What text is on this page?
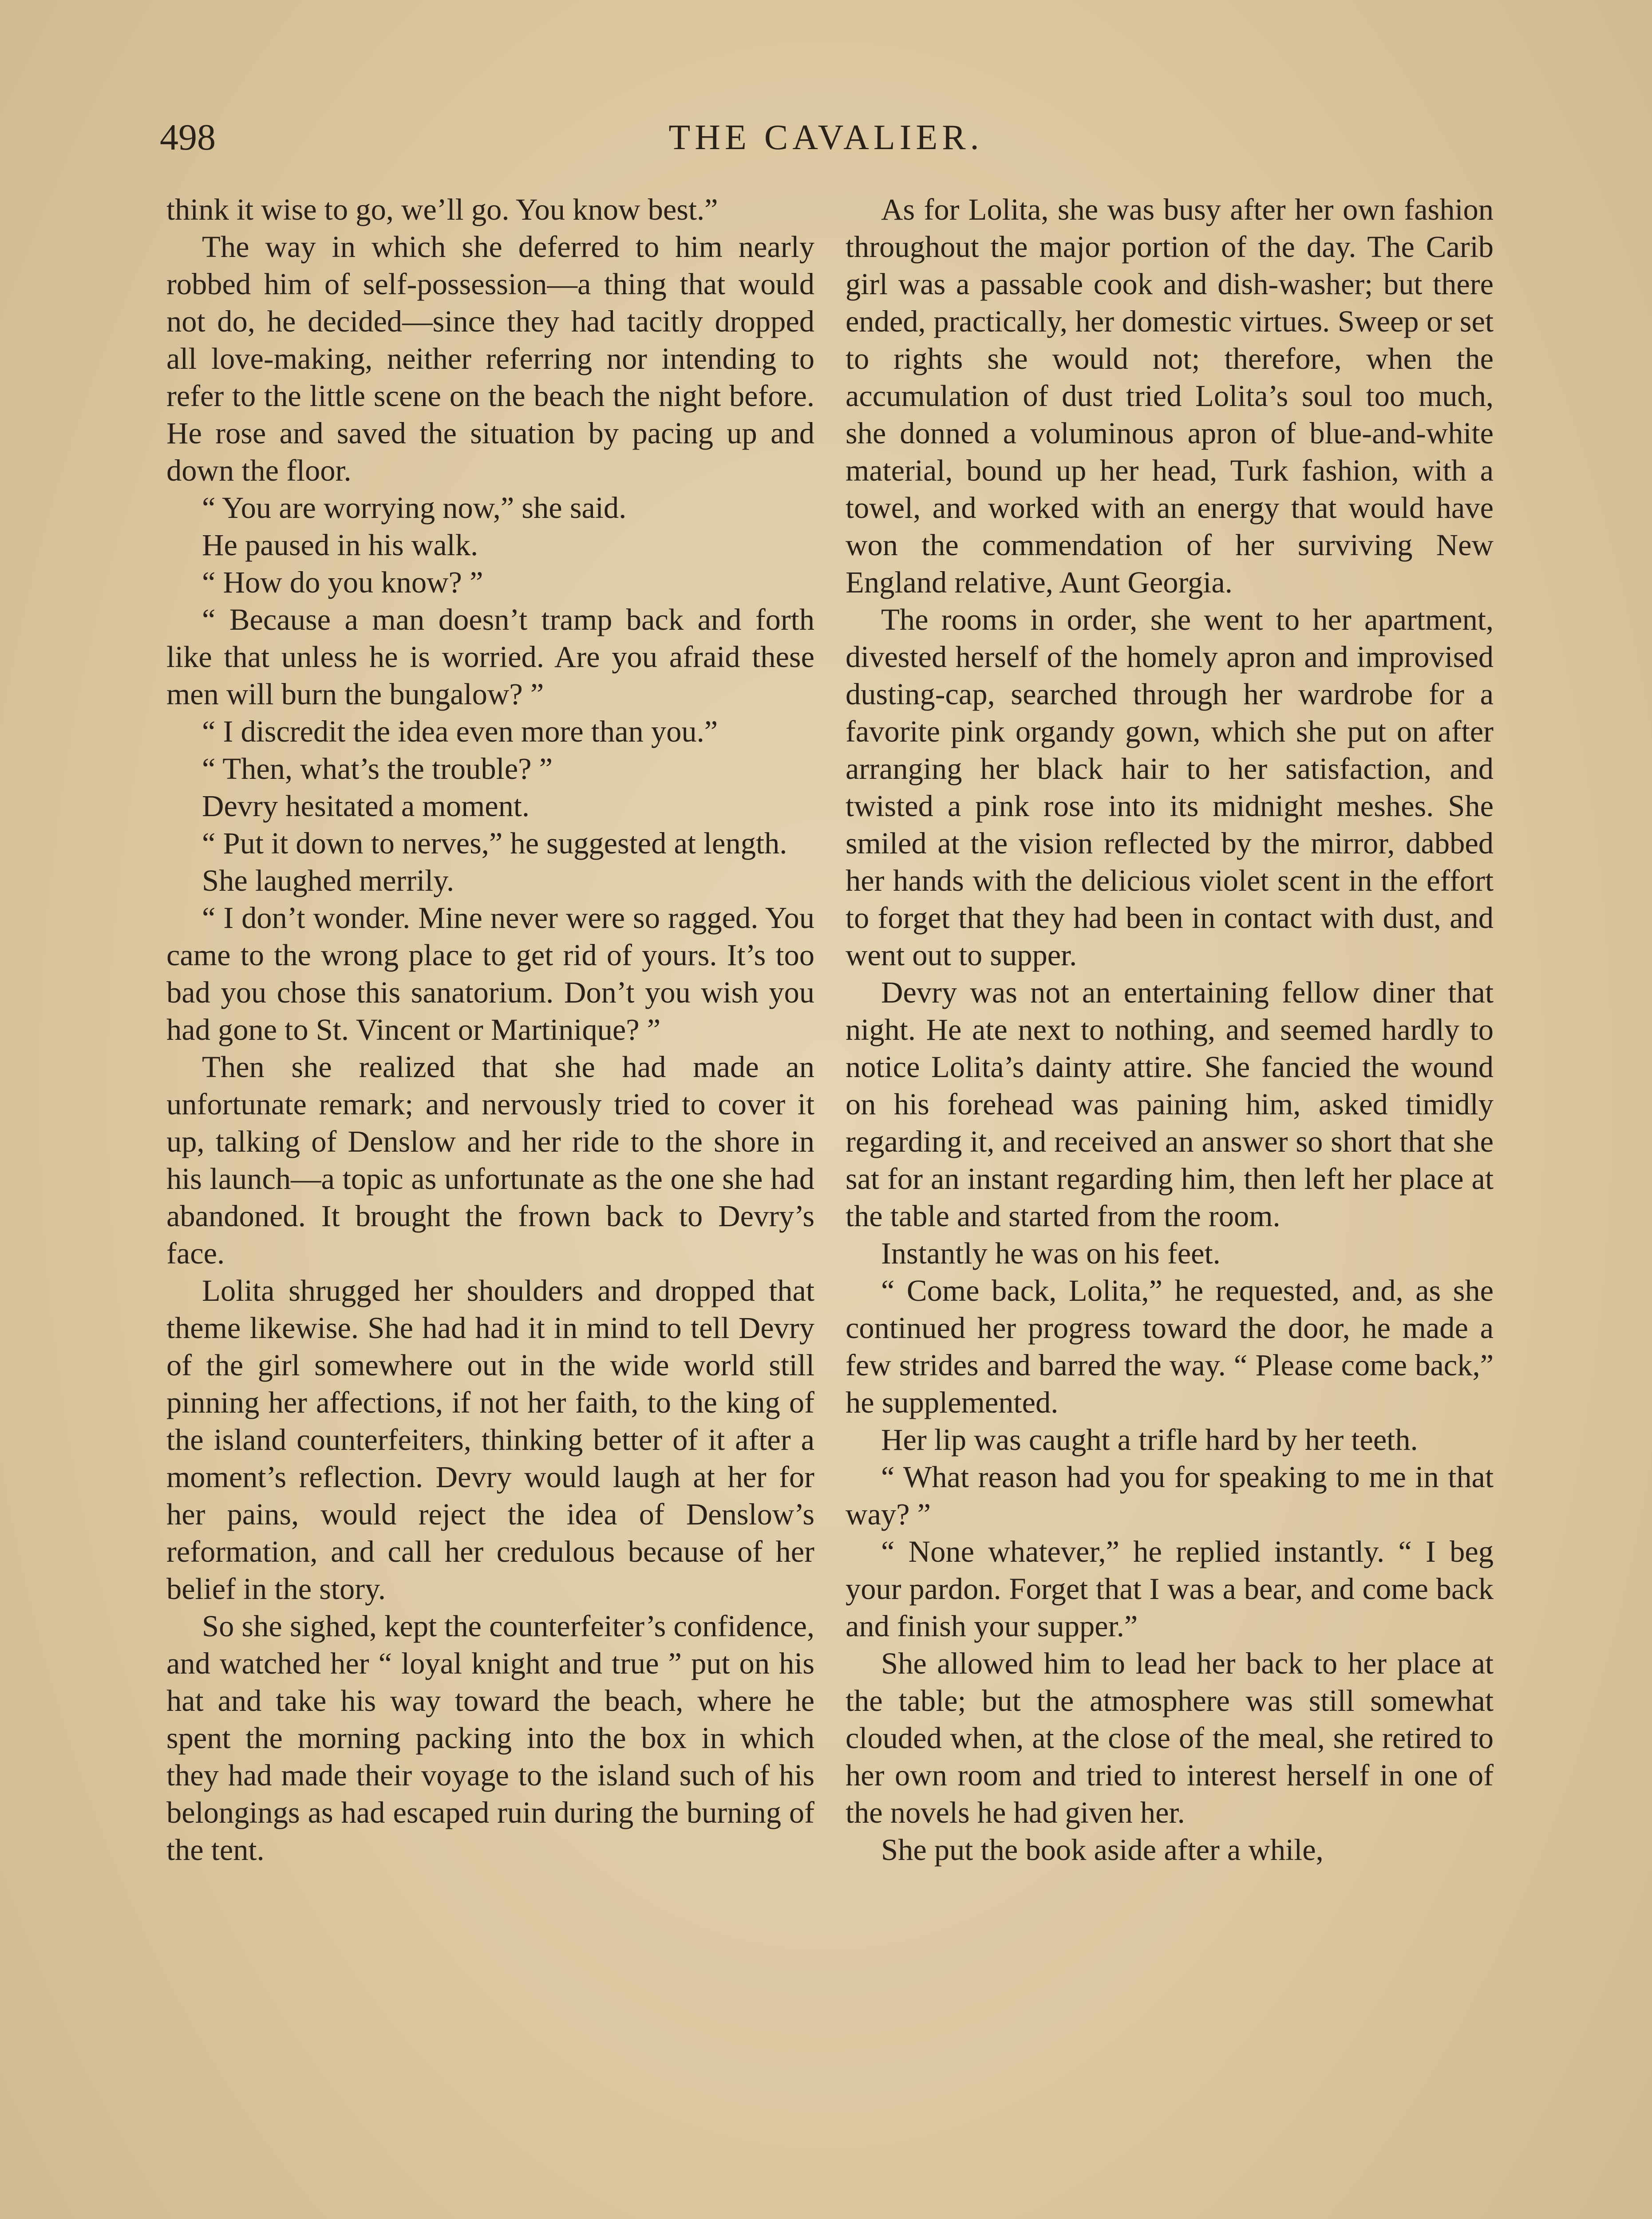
498	THE CAVALIER.

think it wise to go, we’ll go. You know best.”

The way in which she deferred to him nearly robbed him of self-possession—a thing that would not do, he decided—since they had tacitly dropped all love-making, neither referring nor intending to refer to the little scene on the beach the night before. He rose and saved the situation by pacing up and down the floor.

“ You are worrying now,” she said.

He paused in his walk.

“ How do you know? ”

“ Because a man doesn’t tramp back and forth like that unless he is worried. Are you afraid these men will burn the bungalow? ”

“ I discredit the idea even more than you.”

“ Then, what’s the trouble? ”

Devry hesitated a moment.

“ Put it down to nerves,” he suggested at length.

She laughed merrily.

“ I don’t wonder. Mine never were so ragged. You came to the wrong place to get rid of yours. It’s too bad you chose this sanatorium. Don’t you wish you had gone to St. Vincent or Martinique? ”

Then she realized that she had made an unfortunate remark; and nervously tried to cover it up, talking of Denslow and her ride to the shore in his launch—a topic as unfortunate as the one she had abandoned. It brought the frown back to Devry’s face.

Lolita shrugged her shoulders and dropped that theme likewise. She had had it in mind to tell Devry of the girl somewhere out in the wide world still pinning her affections, if not her faith, to the king of the island counterfeiters, thinking better of it after a moment’s reflection. Devry would laugh at her for her pains, would reject the idea of Denslow’s reformation, and call her credulous because of her belief in the story.

So she sighed, kept the counterfeiter’s confidence, and watched her “ loyal knight and true ” put on his hat and take his way toward the beach, where he spent the morning packing into the box in which they had made their voyage to the island such of his belongings as had escaped ruin during the burning of the tent.

As for Lolita, she was busy after her own fashion throughout the major portion of the day. The Carib girl was a passable cook and dish-washer; but there ended, practically, her domestic virtues. Sweep or set to rights she would not; therefore, when the accumulation of dust tried Lolita’s soul too much, she donned a voluminous apron of blue-and-white material, bound up her head, Turk fashion, with a towel, and worked with an energy that would have won the commendation of her surviving New England relative, Aunt Georgia.

The rooms in order, she went to her apartment, divested herself of the homely apron and improvised dusting-cap, searched through her wardrobe for a favorite pink organdy gown, which she put on after arranging her black hair to her satisfaction, and twisted a pink rose into its midnight meshes. She smiled at the vision reflected by the mirror, dabbed her hands with the delicious violet scent in the effort to forget that they had been in contact with dust, and went out to supper.

Devry was not an entertaining fellow diner that night. He ate next to nothing, and seemed hardly to notice Lolita’s dainty attire. She fancied the wound on his forehead was paining him, asked timidly regarding it, and received an answer so short that she sat for an instant regarding him, then left her place at the table and started from the room.

Instantly he was on his feet.

“ Come back, Lolita,” he requested, and, as she continued her progress toward the door, he made a few strides and barred the way. “ Please come back,” he supplemented.

Her lip was caught a trifle hard by her teeth.

“ What reason had you for speaking to me in that way? ”

“ None whatever,” he replied instantly. “ I beg your pardon. Forget that I was a bear, and come back and finish your supper.”

She allowed him to lead her back to her place at the table; but the atmosphere was still somewhat clouded when, at the close of the meal, she retired to her own room and tried to interest herself in one of the novels he had given her.

She put the book aside after a while,
